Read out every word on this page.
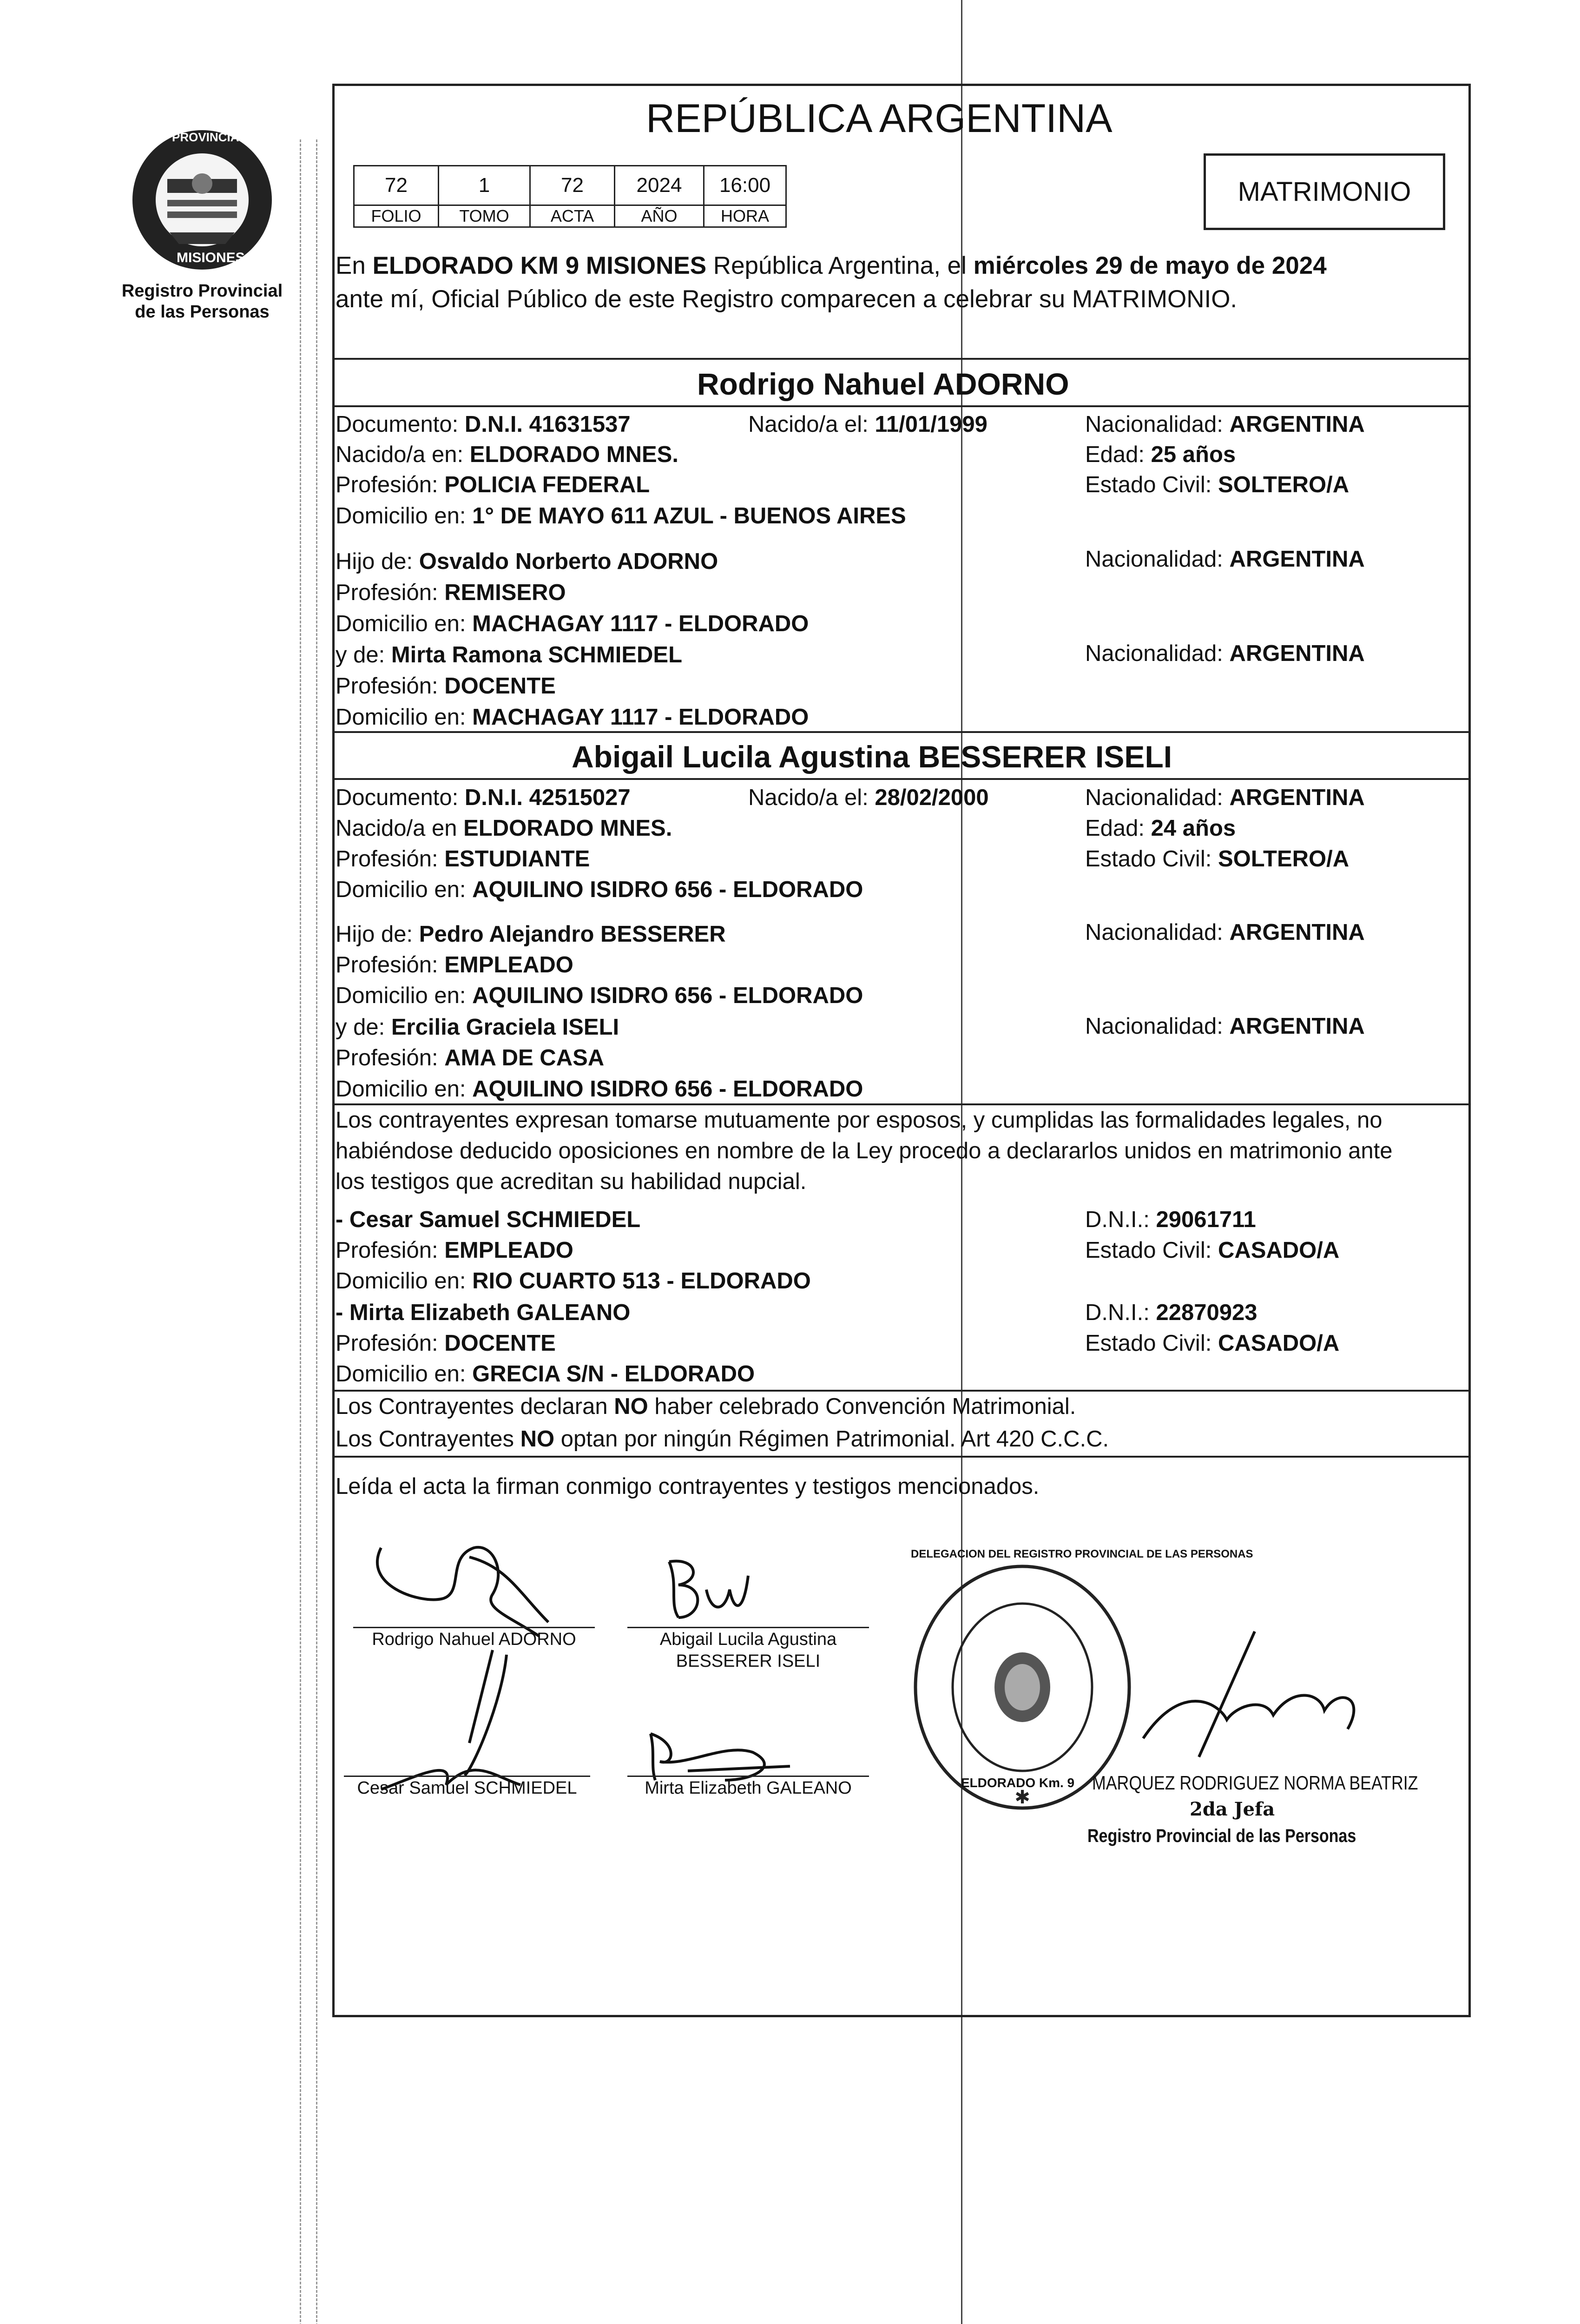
PROVINCIA DE
MISIONES
Registro Provincial
de las Personas
REPÚBLICA ARGENTINA
72	1	72	2024	16:00
FOLIO	TOMO	ACTA	AÑO	HORA
MATRIMONIO
En ELDORADO KM 9 MISIONES República Argentina, el miércoles 29 de mayo de 2024
ante mí, Oficial Público de este Registro comparecen a celebrar su MATRIMONIO.
Rodrigo Nahuel ADORNO
Documento: D.N.I. 41631537	Nacido/a el: 11/01/1999	Nacionalidad: ARGENTINA
Nacido/a en: ELDORADO MNES.	Edad: 25 años
Profesión: POLICIA FEDERAL	Estado Civil: SOLTERO/A
Domicilio en: 1° DE MAYO 611 AZUL - BUENOS AIRES
Hijo de: Osvaldo Norberto ADORNO	Nacionalidad: ARGENTINA
Profesión: REMISERO
Domicilio en: MACHAGAY 1117 - ELDORADO
y de: Mirta Ramona SCHMIEDEL	Nacionalidad: ARGENTINA
Profesión: DOCENTE
Domicilio en: MACHAGAY 1117 - ELDORADO
Abigail Lucila Agustina BESSERER ISELI
Documento: D.N.I. 42515027	Nacido/a el: 28/02/2000	Nacionalidad: ARGENTINA
Nacido/a en ELDORADO MNES.	Edad: 24 años
Profesión: ESTUDIANTE	Estado Civil: SOLTERO/A
Domicilio en: AQUILINO ISIDRO 656 - ELDORADO
Hijo de: Pedro Alejandro BESSERER	Nacionalidad: ARGENTINA
Profesión: EMPLEADO
Domicilio en: AQUILINO ISIDRO 656 - ELDORADO
y de: Ercilia Graciela ISELI	Nacionalidad: ARGENTINA
Profesión: AMA DE CASA
Domicilio en: AQUILINO ISIDRO 656 - ELDORADO
Los contrayentes expresan tomarse mutuamente por esposos, y cumplidas las formalidades legales, no
habiéndose deducido oposiciones en nombre de la Ley procedo a declararlos unidos en matrimonio ante
los testigos que acreditan su habilidad nupcial.
- Cesar Samuel SCHMIEDEL	D.N.I.: 29061711
Profesión: EMPLEADO	Estado Civil: CASADO/A
Domicilio en: RIO CUARTO 513 - ELDORADO
- Mirta Elizabeth GALEANO	D.N.I.: 22870923
Profesión: DOCENTE	Estado Civil: CASADO/A
Domicilio en: GRECIA S/N - ELDORADO
Los Contrayentes declaran NO haber celebrado Convención Matrimonial.
Los Contrayentes NO optan por ningún Régimen Patrimonial. Art 420 C.C.C.
Leída el acta la firman conmigo contrayentes y testigos mencionados.
Rodrigo Nahuel ADORNO	Abigail Lucila Agustina
BESSERER ISELI
Cesar Samuel SCHMIEDEL	Mirta Elizabeth GALEANO	✱
DELEGACION DEL REGISTRO PROVINCIAL DE LAS PERSONAS
ELDORADO Km. 9 MARQUEZ RODRIGUEZ NORMA BEATRIZ
2da Jefa
Registro Provincial de las Personas
